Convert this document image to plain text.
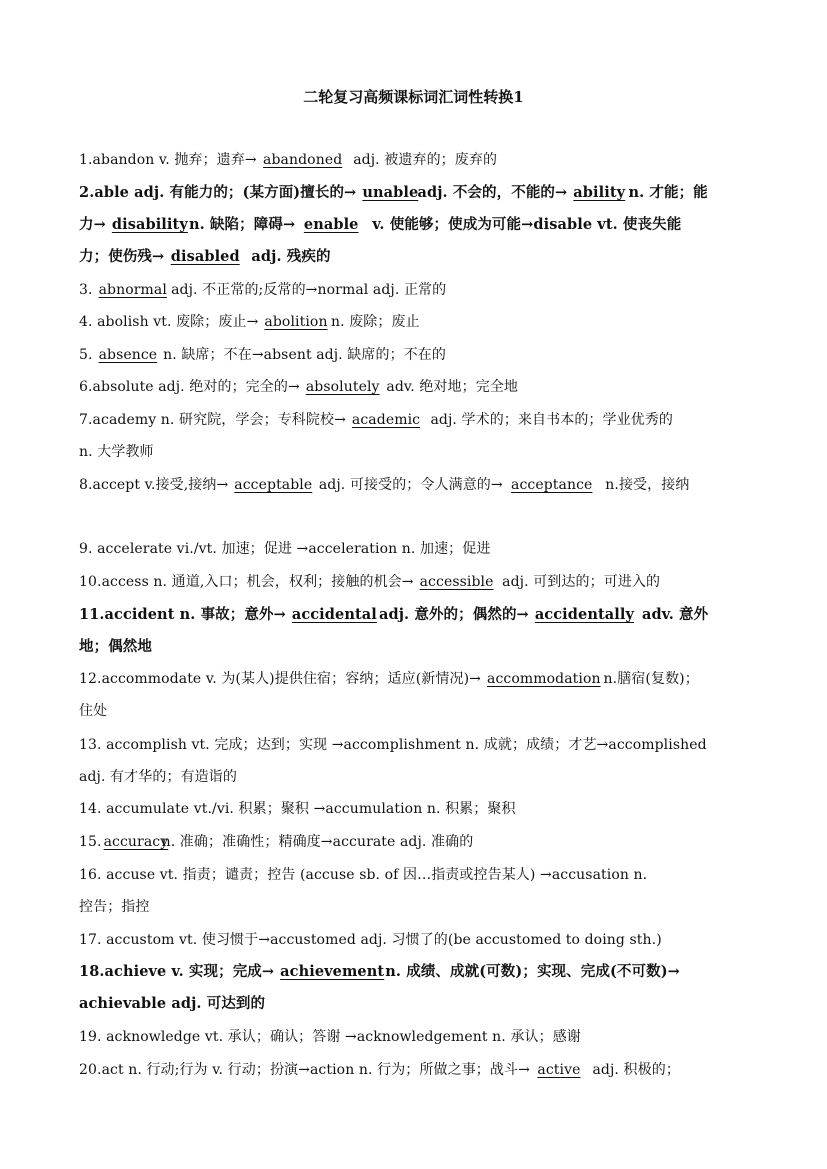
二轮复习高频课标词汇词性转换1
1.abandon v. 抛弃；遗弃→ abandoned adj. 被遗弃的；废弃的
2.able adj. 有能力的；(某方面)擅长的→ unable adj. 不会的，不能的→ ability n. 才能；能
力→ disability n. 缺陷；障碍→ enable v. 使能够；使成为可能→disable vt. 使丧失能
力；使伤残→ disabled adj. 残疾的
3. abnormal adj. 不正常的;反常的→normal adj. 正常的
4. abolish vt. 废除；废止→ abolition n. 废除；废止
5. absence n. 缺席；不在→absent adj. 缺席的；不在的
6.absolute adj. 绝对的；完全的→ absolutely adv. 绝对地；完全地
7.academy n. 研究院，学会；专科院校→ academic adj. 学术的；来自书本的；学业优秀的
n. 大学教师
8.accept v.接受,接纳→ acceptable adj. 可接受的；令人满意的→ acceptance n.接受，接纳
9. accelerate vi./vt. 加速；促进 →acceleration n. 加速；促进
10.access n. 通道,入口；机会，权利；接触的机会→ accessible adj. 可到达的；可进入的
11.accident n. 事故；意外→ accidental adj. 意外的；偶然的→ accidentally adv. 意外
地；偶然地
12.accommodate v. 为(某人)提供住宿；容纳；适应(新情况)→ accommodation n.膳宿(复数)；
住处
13. accomplish vt. 完成；达到；实现 →accomplishment n. 成就；成绩；才艺→accomplished
adj. 有才华的；有造诣的
14. accumulate vt./vi. 积累；聚积 →accumulation n. 积累；聚积
15. accuracyn. 准确；准确性；精确度→accurate adj. 准确的
16. accuse vt. 指责；谴责；控告 (accuse sb. of 因…指责或控告某人) →accusation n.
控告；指控
17. accustom vt. 使习惯于→accustomed adj. 习惯了的(be accustomed to doing sth.)
18.achieve v. 实现；完成→ achievement n. 成绩、成就(可数)；实现、完成(不可数)→
achievable adj. 可达到的
19. acknowledge vt. 承认；确认；答谢 →acknowledgement n. 承认；感谢
20.act n. 行动;行为 v. 行动；扮演→action n. 行为；所做之事；战斗→ active adj. 积极的；
